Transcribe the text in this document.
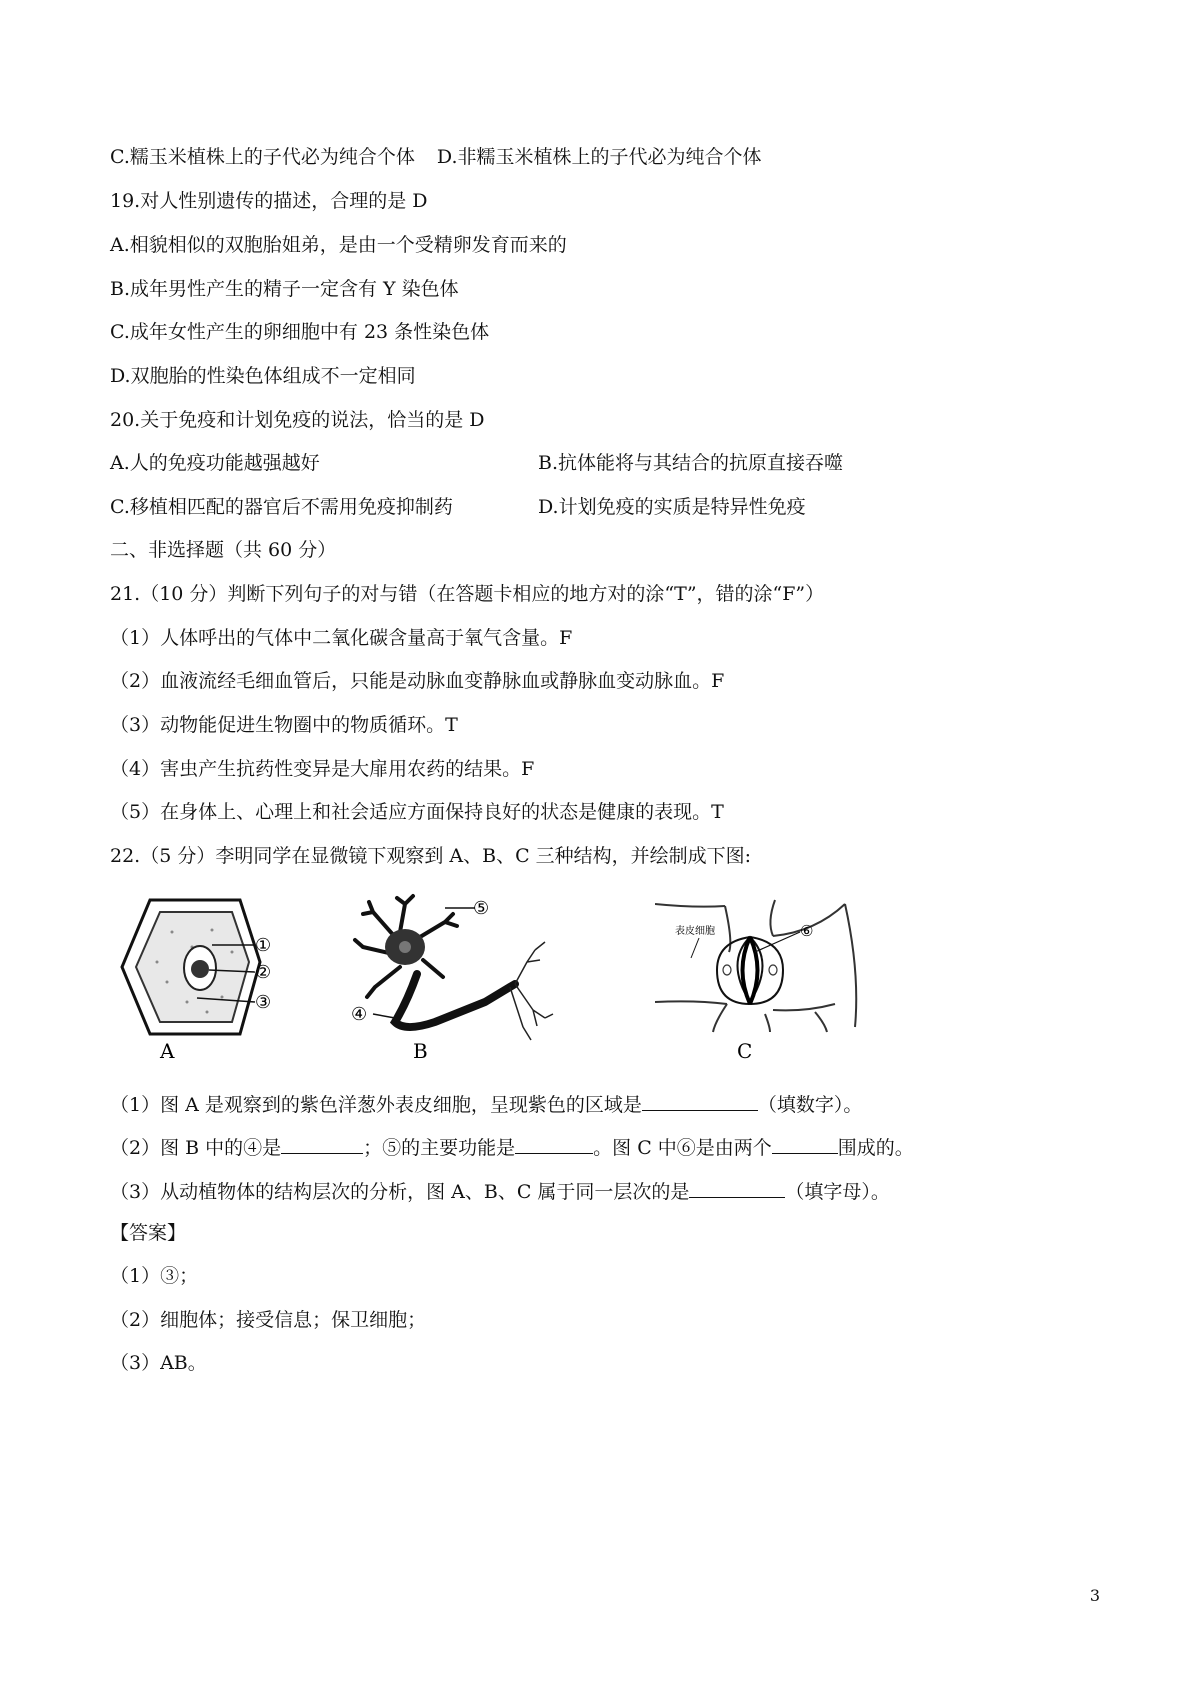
C.糯玉米植株上的子代必为纯合个体 D.非糯玉米植株上的子代必为纯合个体
19.对人性别遗传的描述，合理的是 D
A.相貌相似的双胞胎姐弟，是由一个受精卵发育而来的
B.成年男性产生的精子一定含有 Y 染色体
C.成年女性产生的卵细胞中有 23 条性染色体
D.双胞胎的性染色体组成不一定相同
20.关于免疫和计划免疫的说法，恰当的是 D
A.人的免疫功能越强越好	B.抗体能将与其结合的抗原直接吞噬
C.移植相匹配的器官后不需用免疫抑制药	D.计划免疫的实质是特异性免疫
二、非选择题（共 60 分）
21.（10 分）判断下列句子的对与错（在答题卡相应的地方对的涂“T”，错的涂“F”）
（1）人体呼出的气体中二氧化碳含量高于氧气含量。F
（2）血液流经毛细血管后，只能是动脉血变静脉血或静脉血变动脉血。F
（3）动物能促进生物圈中的物质循环。T
（4）害虫产生抗药性变异是大扉用农药的结果。F
（5）在身体上、心理上和社会适应方面保持良好的状态是健康的表现。T
22.（5 分）李明同学在显微镜下观察到 A、B、C 三种结构，并绘制成下图:
①
②
③
A
⑤
④
B
表皮细胞	⑥
C
（1）图 A 是观察到的紫色洋葱外表皮细胞，呈现紫色的区域是	（填数字）。
（2）图 B 中的④是	；⑤的主要功能是	。图 C 中⑥是由两个	围成的。
（3）从动植物体的结构层次的分析，图 A、B、C 属于同一层次的是	（填字母）。
【答案】
（1）③；
（2）细胞体；接受信息；保卫细胞；
（3）AB。
3
